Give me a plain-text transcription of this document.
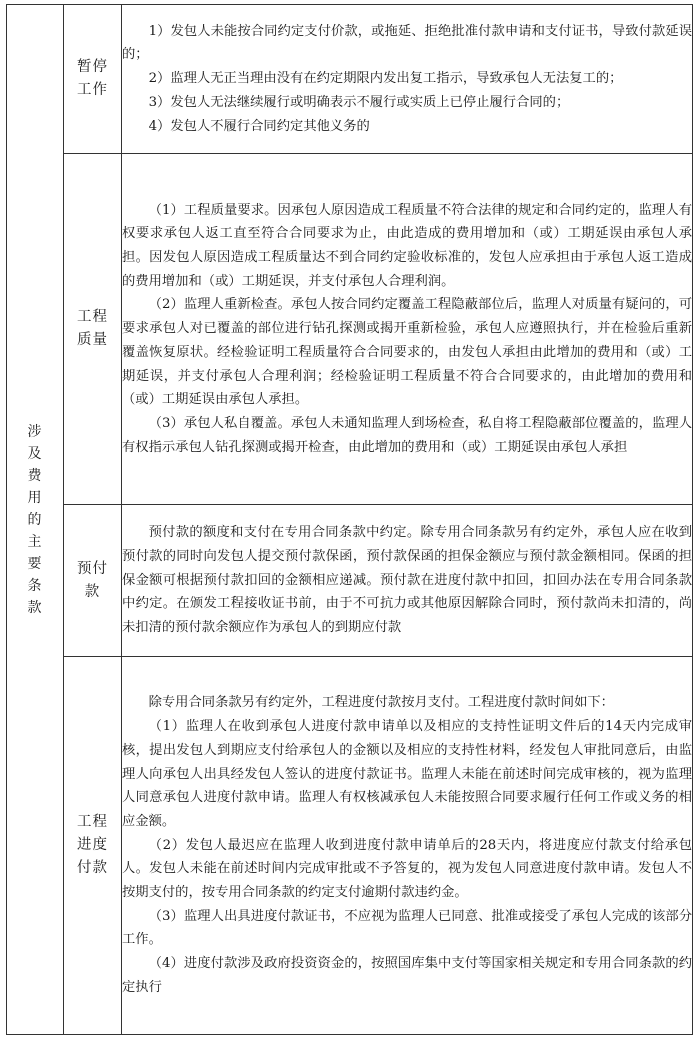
涉及费用的主要条款	暂停工作	1）发包人未能按合同约定支付价款，或拖延、拒绝批准付款申请和支付证书，导致付款延误的；

2）监理人无正当理由没有在约定期限内发出复工指示，导致承包人无法复工的；

3）发包人无法继续履行或明确表示不履行或实质上已停止履行合同的；

4）发包人不履行合同约定其他义务的

	工程质量	（1）工程质量要求。因承包人原因造成工程质量不符合法律的规定和合同约定的，监理人有权要求承包人返工直至符合合同要求为止，由此造成的费用增加和（或）工期延误由承包人承担。因发包人原因造成工程质量达不到合同约定验收标准的，发包人应承担由于承包人返工造成的费用增加和（或）工期延误，并支付承包人合理利润。

（2）监理人重新检查。承包人按合同约定覆盖工程隐蔽部位后，监理人对质量有疑问的，可要求承包人对已覆盖的部位进行钻孔探测或揭开重新检验，承包人应遵照执行，并在检验后重新覆盖恢复原状。经检验证明工程质量符合合同要求的，由发包人承担由此增加的费用和（或）工期延误，并支付承包人合理利润；经检验证明工程质量不符合合同要求的，由此增加的费用和（或）工期延误由承包人承担。

（3）承包人私自覆盖。承包人未通知监理人到场检查，私自将工程隐蔽部位覆盖的，监理人有权指示承包人钻孔探测或揭开检查，由此增加的费用和（或）工期延误由承包人承担

	预付款	预付款的额度和支付在专用合同条款中约定。除专用合同条款另有约定外，承包人应在收到预付款的同时向发包人提交预付款保函，预付款保函的担保金额应与预付款金额相同。保函的担保金额可根据预付款扣回的金额相应递减。预付款在进度付款中扣回，扣回办法在专用合同条款中约定。在颁发工程接收证书前，由于不可抗力或其他原因解除合同时，预付款尚未扣清的，尚未扣清的预付款余额应作为承包人的到期应付款

	工程进度付款	除专用合同条款另有约定外，工程进度付款按月支付。工程进度付款时间如下：

（1）监理人在收到承包人进度付款申请单以及相应的支持性证明文件后的14天内完成审核，提出发包人到期应支付给承包人的金额以及相应的支持性材料，经发包人审批同意后，由监理人向承包人出具经发包人签认的进度付款证书。监理人未能在前述时间完成审核的，视为监理人同意承包人进度付款申请。监理人有权核减承包人未能按照合同要求履行任何工作或义务的相应金额。

（2）发包人最迟应在监理人收到进度付款申请单后的28天内，将进度应付款支付给承包人。发包人未能在前述时间内完成审批或不予答复的，视为发包人同意进度付款申请。发包人不按期支付的，按专用合同条款的约定支付逾期付款违约金。

（3）监理人出具进度付款证书，不应视为监理人已同意、批准或接受了承包人完成的该部分工作。

（4）进度付款涉及政府投资资金的，按照国库集中支付等国家相关规定和专用合同条款的约定执行
